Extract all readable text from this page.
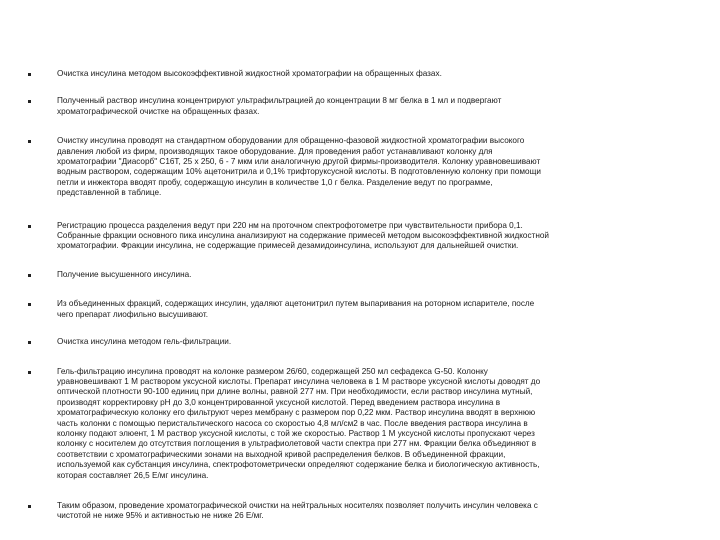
Очистка инсулина методом высокоэффективной жидкостной хроматографии на обращенных фазах.
Полученный раствор инсулина концентрируют ультрафильтрацией до концентрации 8 мг белка в 1 мл и подвергают
хроматографической очистке на обращенных фазах.
Очистку инсулина проводят на стандартном оборудовании для обращенно-фазовой жидкостной хроматографии высокого
давления любой из фирм, производящих такое оборудование. Для проведения работ устанавливают колонку для
хроматографии "Диасорб" C16T, 25 х 250, 6 - 7 мкм или аналогичную другой фирмы-производителя. Колонку уравновешивают
водным раствором, содержащим 10% ацетонитрила и 0,1% трифторуксусной кислоты. В подготовленную колонку при помощи
петли и инжектора вводят пробу, содержащую инсулин в количестве 1,0 г белка. Разделение ведут по программе,
представленной в таблице.
Регистрацию процесса разделения ведут при 220 нм на проточном спектрофотометре при чувствительности прибора 0,1.
Собранные фракции основного пика инсулина анализируют на содержание примесей методом высокоэффективной жидкостной
хроматографии. Фракции инсулина, не содержащие примесей дезамидоинсулина, используют для дальнейшей очистки.
Получение высушенного инсулина.
Из объединенных фракций, содержащих инсулин, удаляют ацетонитрил путем выпаривания на роторном испарителе, после
чего препарат лиофильно высушивают.
Очистка инсулина методом гель-фильтрации.
Гель-фильтрацию инсулина проводят на колонке размером 26/60, содержащей 250 мл сефадекса G-50. Колонку
уравновешивают 1 М раствором уксусной кислоты. Препарат инсулина человека в 1 М растворе уксусной кислоты доводят до
оптической плотности 90-100 единиц при длине волны, равной 277 нм. При необходимости, если раствор инсулина мутный,
производят корректировку pH до 3,0 концентрированной уксусной кислотой. Перед введением раствора инсулина в
хроматографическую колонку его фильтруют через мембрану с размером пор 0,22 мкм. Раствор инсулина вводят в верхнюю
часть колонки с помощью перистальтического насоса со скоростью 4,8 мл/см2 в час. После введения раствора инсулина в
колонку подают элюент, 1 М раствор уксусной кислоты, с той же скоростью. Раствор 1 М уксусной кислоты пропускают через
колонку с носителем до отсутствия поглощения в ультрафиолетовой части спектра при 277 нм. Фракции белка объединяют в
соответствии с хроматографическими зонами на выходной кривой распределения белков. В объединенной фракции,
используемой как субстанция инсулина, спектрофотометрически определяют содержание белка и биологическую активность,
которая составляет 26,5 Е/мг инсулина.
Таким образом, проведение хроматографической очистки на нейтральных носителях позволяет получить инсулин человека с
чистотой не ниже 95% и активностью не ниже 26 Е/мг.
